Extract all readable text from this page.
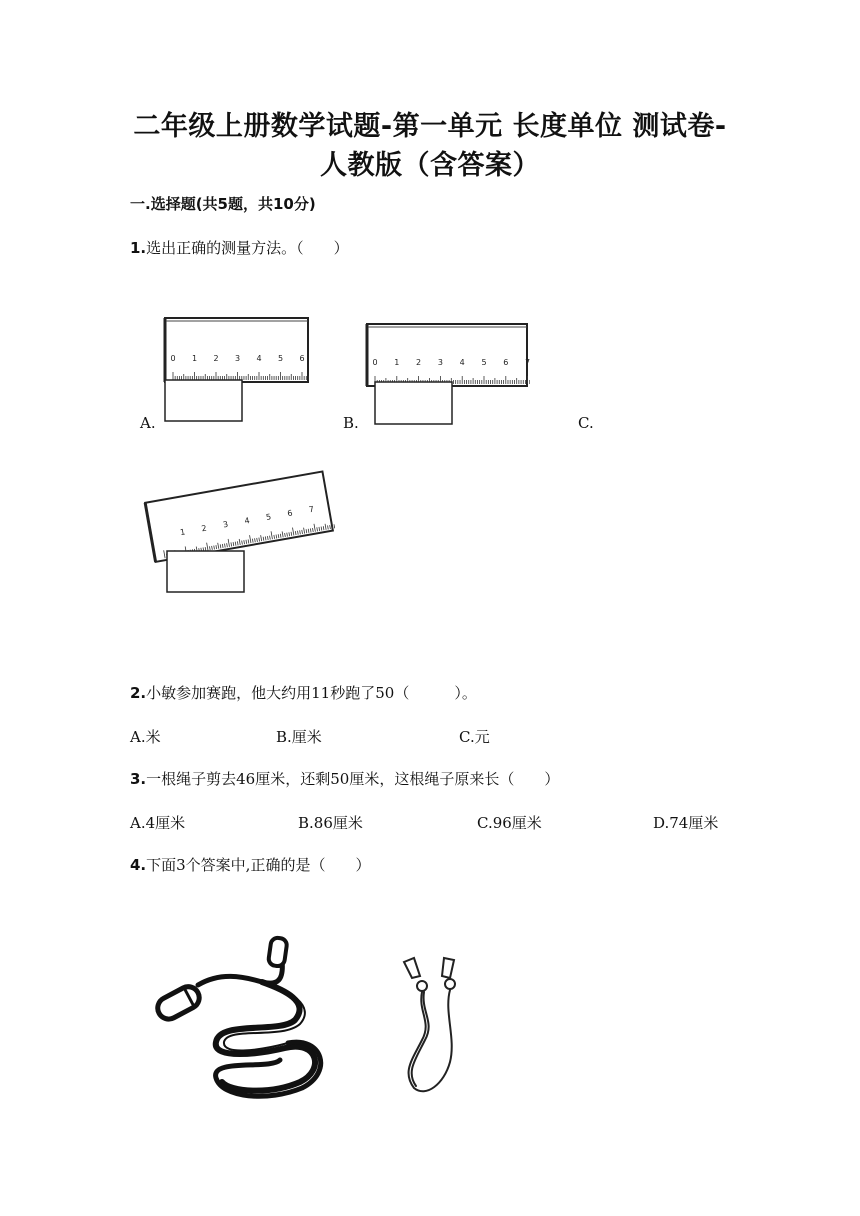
二年级上册数学试题-第一单元 长度单位 测试卷-
人教版（含答案）
一.选择题(共5题，共10分)
1.选出正确的测量方法。（　　）
0 1 2 3 4 5 6
A.
0 1 2 3 4 5 6 7
B.	C.
1 2 3 4 5 6 7
2.小敏参加赛跑，他大约用11秒跑了50（　　　）。
A.米	B.厘米	C.元
3.一根绳子剪去46厘米，还剩50厘米，这根绳子原来长（　　）
A.4厘米	B.86厘米	C.96厘米	D.74厘米
4.下面3个答案中,正确的是（　　）
